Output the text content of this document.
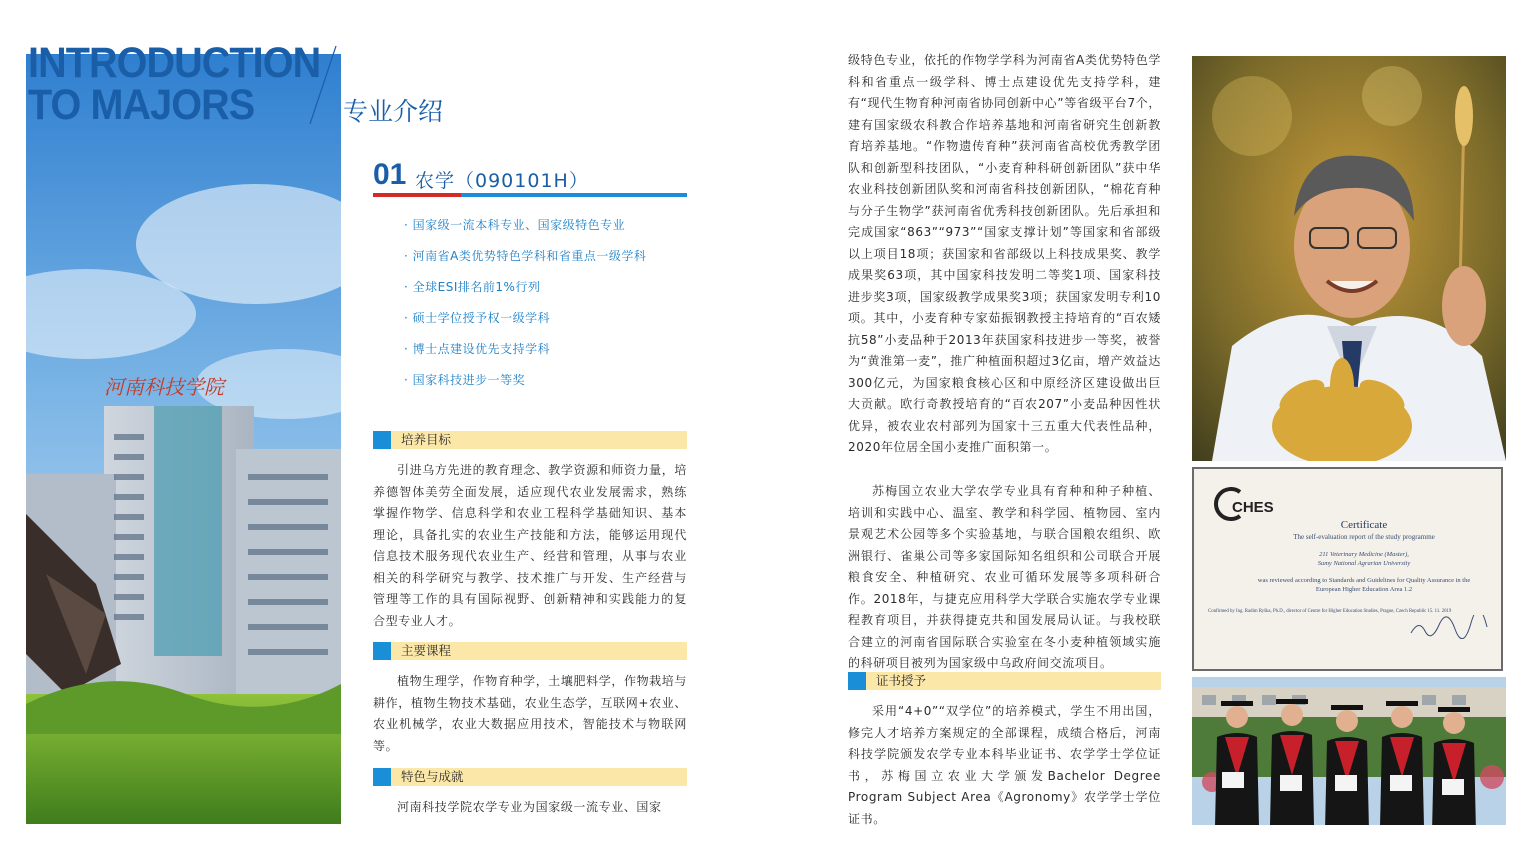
河南科技学院
INTRODUCTION
TO MAJORS	专业介绍
01 农学（090101H）
· 国家级一流本科专业、国家级特色专业
· 河南省A类优势特色学科和省重点一级学科
· 全球ESI排名前1%行列
· 硕士学位授予权一级学科
· 博士点建设优先支持学科
· 国家科技进步一等奖
培养目标

引进乌方先进的教育理念、教学资源和师资力量，培养德智体美劳全面发展，适应现代农业发展需求，熟练掌握作物学、信息科学和农业工程科学基础知识、基本理论，具备扎实的农业生产技能和方法，能够运用现代信息技术服务现代农业生产、经营和管理，从事与农业相关的科学研究与教学、技术推广与开发、生产经营与管理等工作的具有国际视野、创新精神和实践能力的复合型专业人才。

主要课程

植物生理学，作物育种学，土壤肥料学，作物栽培与耕作，植物生物技术基础，农业生态学，互联网+农业、农业机械学，农业大数据应用技术，智能技术与物联网等。

特色与成就

河南科技学院农学专业为国家级一流专业、国家

级特色专业，依托的作物学学科为河南省A类优势特色学科和省重点一级学科、博士点建设优先支持学科，建有“现代生物育种河南省协同创新中心”等省级平台7个，建有国家级农科教合作培养基地和河南省研究生创新教育培养基地。“作物遗传育种”获河南省高校优秀教学团队和创新型科技团队，“小麦育种科研创新团队”获中华农业科技创新团队奖和河南省科技创新团队，“棉花育种与分子生物学”获河南省优秀科技创新团队。先后承担和完成国家“863”“973”“国家支撑计划”等国家和省部级以上项目18项；获国家和省部级以上科技成果奖、教学成果奖63项，其中国家科技发明二等奖1项、国家科技进步奖3项，国家级教学成果奖3项；获国家发明专利10项。其中，小麦育种专家茹振钢教授主持培育的“百农矮抗58”小麦品种于2013年获国家科技进步一等奖，被誉为“黄淮第一麦”，推广种植面积超过3亿亩，增产效益达300亿元，为国家粮食核心区和中原经济区建设做出巨大贡献。欧行奇教授培育的“百农207”小麦品种因性状优异，被农业农村部列为国家十三五重大代表性品种，2020年位居全国小麦推广面积第一。

苏梅国立农业大学农学专业具有育种和种子种植、培训和实践中心、温室、教学和科学园、植物园、室内景观艺术公园等多个实验基地，与联合国粮农组织、欧洲银行、雀巢公司等多家国际知名组织和公司联合开展粮食安全、种植研究、农业可循环发展等多项科研合作。2018年，与捷克应用科学大学联合实施农学专业课程教育项目，并获得捷克共和国发展局认证。与我校联合建立的河南省国际联合实验室在冬小麦种植领域实施的科研项目被列为国家级中乌政府间交流项目。

证书授予

采用“4+0”“双学位”的培养模式，学生不用出国，修完人才培养方案规定的全部课程，成绩合格后，河南科技学院颁发农学专业本科毕业证书、农学学士学位证书，苏梅国立农业大学颁发Bachelor Degree Program Subject Area《Agronomy》农学学士学位证书。

CHES
Certificate
The self-evaluation report of the study programme
211 Veterinary Medicine (Master),
Sumy National Agrarian University
was reviewed according to Standards and Guidelines for Quality Assurance in the
European Higher Education Area 1.2
Confirmed by Ing. Radim Ryška, Ph.D., director of Centre for Higher Education Studies, Prague, Czech Republic 15. 11. 2019
